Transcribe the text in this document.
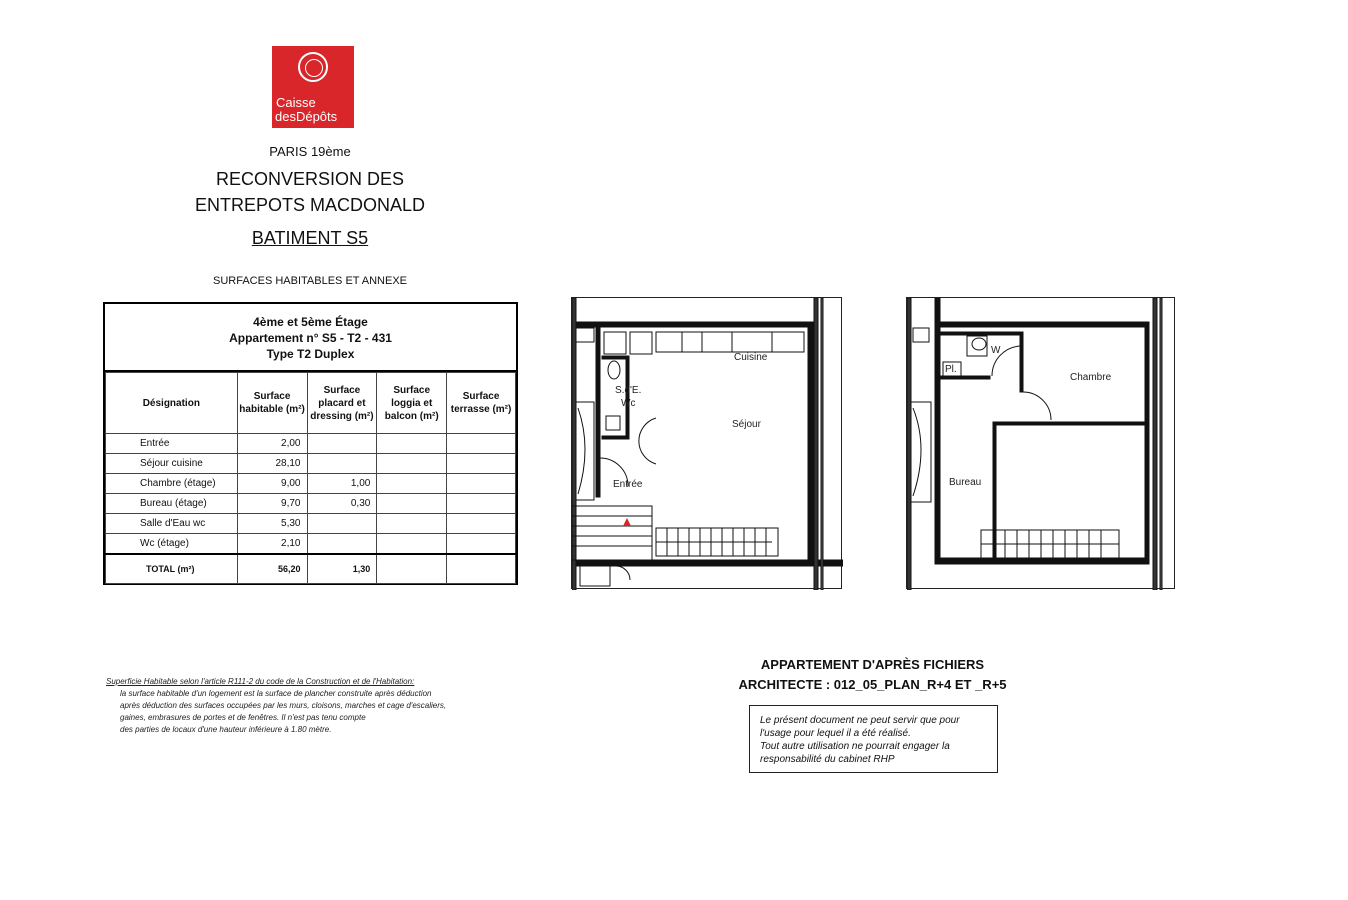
Caisse
desDépôts
PARIS 19ème
RECONVERSION DES
ENTREPOTS MACDONALD
BATIMENT S5
SURFACES HABITABLES ET ANNEXE
4ème et 5ème Étage
Appartement n° S5 - T2 - 431
Type T2 Duplex
Désignation	Surface habitable (m²)	Surface placard et dressing (m²)	Surface loggia et balcon (m²)	Surface terrasse (m²)
Entrée	2,00			
Séjour cuisine	28,10			
Chambre (étage)	9,00	1,00		
Bureau (étage)	9,70	0,30		
Salle d'Eau wc	5,30			
Wc (étage)	2,10			
TOTAL (m²)	56,20	1,30		
Cuisine
S.d'E.
Wc
Séjour
Entrée
W
Pl.
Chambre
Bureau
Superficie Habitable selon l'article R111-2 du code de la Construction et de l'Habitation:
la surface habitable d'un logement est la surface de plancher construite après déduction
après déduction des surfaces occupées par les murs, cloisons, marches et cage d'escaliers,
gaines, embrasures de portes et de fenêtres. Il n'est pas tenu compte
des parties de locaux d'une hauteur inférieure à 1.80 mètre.
APPARTEMENT D'APRÈS FICHIERS
ARCHITECTE : 012_05_PLAN_R+4 ET _R+5
Le présent document ne peut servir que pour
l'usage pour lequel il a été réalisé.
Tout autre utilisation ne pourrait engager la
responsabilité du cabinet RHP
